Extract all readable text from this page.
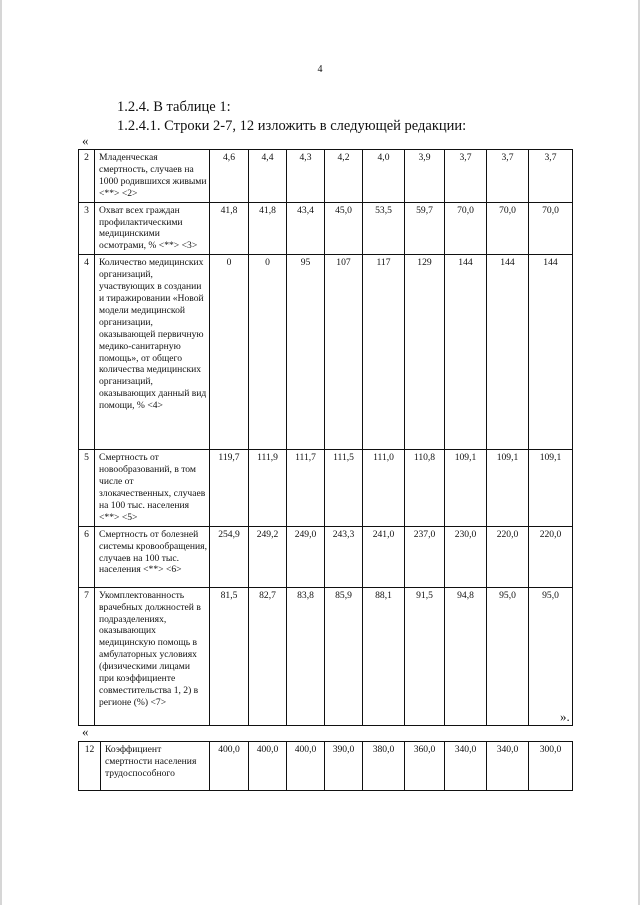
4
1.2.4. В таблице 1:
1.2.4.1. Строки 2-7, 12 изложить в следующей редакции:
«
2	Младенческая смертность, случаев на 1000 родившихся живыми <**> <2>	4,6	4,4	4,3	4,2	4,0	3,9	3,7	3,7	3,7
3	Охват всех граждан профилактическими медицинскими осмотрами, % <**> <3>	41,8	41,8	43,4	45,0	53,5	59,7	70,0	70,0	70,0
4	Количество медицинских организаций, участвующих в создании и тиражировании «Новой модели медицинской организации, оказывающей первичную медико-санитарную помощь», от общего количества медицинских организаций, оказывающих данный вид помощи, % <4>	0	0	95	107	117	129	144	144	144
5	Смертность от новообразований, в том числе от злокачественных, случаев на 100 тыс. населения <**> <5>	119,7	111,9	111,7	111,5	111,0	110,8	109,1	109,1	109,1
6	Смертность от болезней системы кровообращения, случаев на 100 тыс. населения <**> <6>	254,9	249,2	249,0	243,3	241,0	237,0	230,0	220,0	220,0
7	Укомплектованность врачебных должностей в подразделениях, оказывающих медицинскую помощь в амбулаторных условиях (физическими лицами при коэффициенте совместительства 1, 2) в регионе (%) <7>	81,5	82,7	83,8	85,9	88,1	91,5	94,8	95,0	95,0
».
«
12	Коэффициент смертности населения трудоспособного	400,0	400,0	400,0	390,0	380,0	360,0	340,0	340,0	300,0
